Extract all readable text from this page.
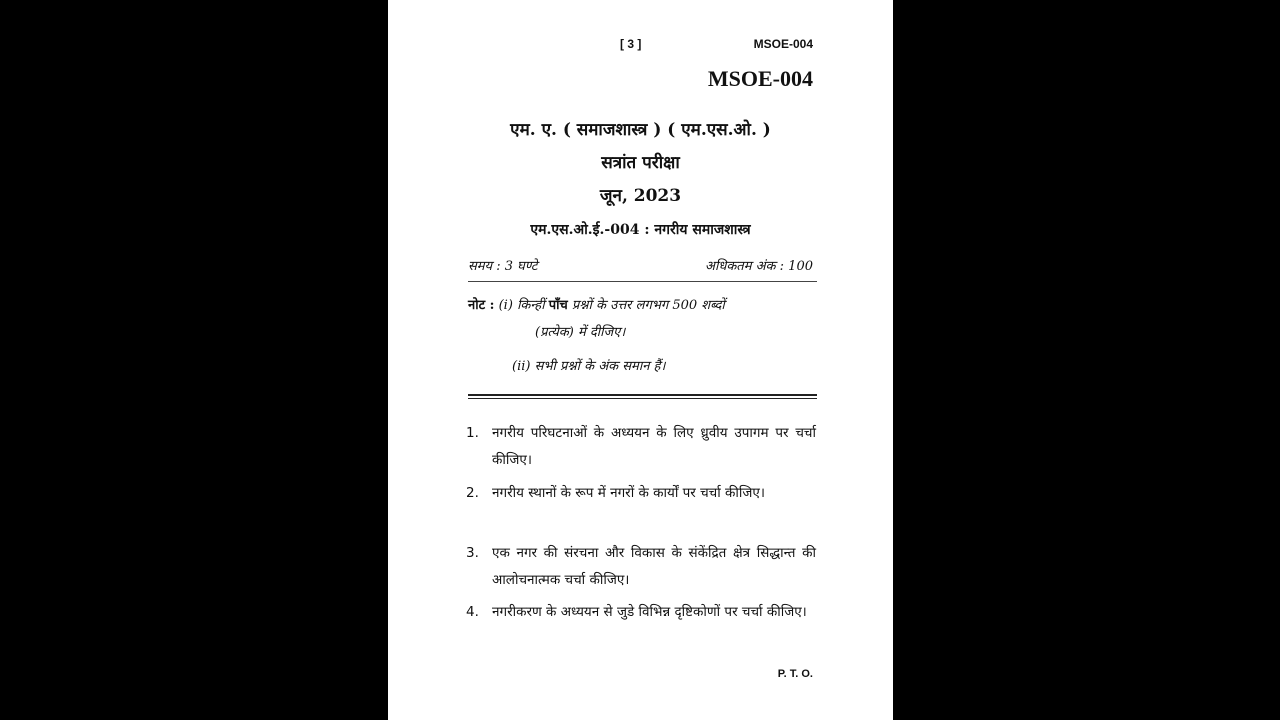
[ 3 ]	MSOE-004
MSOE-004
एम. ए. ( समाजशास्त्र ) ( एम.एस.ओ. )
सत्रांत परीक्षा
जून, 2023
एम.एस.ओ.ई.-004 : नगरीय समाजशास्त्र
समय : 3 घण्टे	अधिकतम अंक : 100
नोट : (i) किन्हीं पाँच प्रश्नों के उत्तर लगभग 500 शब्दों
(प्रत्येक) में दीजिए।
(ii) सभी प्रश्नों के अंक समान हैं।
1. नगरीय परिघटनाओं के अध्ययन के लिए ध्रुवीय उपागम पर चर्चा कीजिए।
2. नगरीय स्थानों के रूप में नगरों के कार्यों पर चर्चा कीजिए।
3. एक नगर की संरचना और विकास के संकेंद्रित क्षेत्र सिद्धान्त की आलोचनात्मक चर्चा कीजिए।
4. नगरीकरण के अध्ययन से जुडे विभिन्न दृष्टिकोणों पर चर्चा कीजिए।
P. T. O.
